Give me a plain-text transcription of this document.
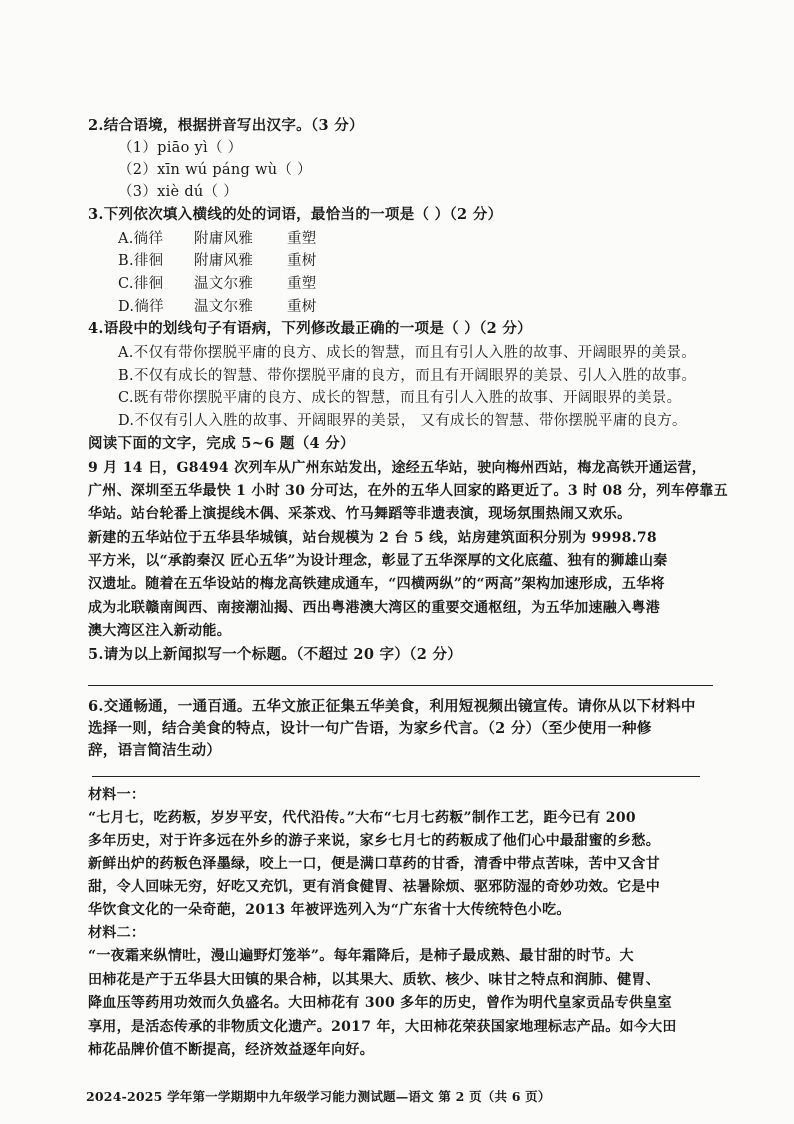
2.结合语境，根据拼音写出汉字。（3 分）
（1）piāo yì（ ）
（2）xīn wú páng wù（ ）
（3）xiè dú（ ）
3.下列依次填入横线的处的词语，最恰当的一项是（ ）（2 分）
A.徜徉 附庸风雅 重塑
B.徘徊 附庸风雅 重树
C.徘徊 温文尔雅 重塑
D.徜徉 温文尔雅 重树
4.语段中的划线句子有语病，下列修改最正确的一项是（ ）（2 分）
A.不仅有带你摆脱平庸的良方、成长的智慧，而且有引人入胜的故事、开阔眼界的美景。
B.不仅有成长的智慧、带你摆脱平庸的良方，而且有开阔眼界的美景、引人入胜的故事。
C.既有带你摆脱平庸的良方、成长的智慧，而且有引人入胜的故事、开阔眼界的美景。
D.不仅有引人入胜的故事、开阔眼界的美景， 又有成长的智慧、带你摆脱平庸的良方。
阅读下面的文字，完成 5~6 题（4 分）
9 月 14 日，G8494 次列车从广州东站发出，途经五华站，驶向梅州西站，梅龙高铁开通运营，
广州、深圳至五华最快 1 小时 30 分可达，在外的五华人回家的路更近了。3 时 08 分，列车停靠五
华站。站台轮番上演提线木偶、采茶戏、竹马舞蹈等非遗表演，现场氛围热闹又欢乐。
新建的五华站位于五华县华城镇，站台规模为 2 台 5 线，站房建筑面积分别为 9998.78
平方米，以“承韵秦汉 匠心五华”为设计理念，彰显了五华深厚的文化底蕴、独有的狮雄山秦
汉遗址。随着在五华设站的梅龙高铁建成通车，“四横两纵”的“两高”架构加速形成，五华将
成为北联赣南闽西、南接潮汕揭、西出粤港澳大湾区的重要交通枢纽，为五华加速融入粤港
澳大湾区注入新动能。
5.请为以上新闻拟写一个标题。（不超过 20 字）（2 分）
6.交通畅通，一通百通。五华文旅正征集五华美食，利用短视频出镜宣传。请你从以下材料中
选择一则，结合美食的特点，设计一句广告语，为家乡代言。（2 分）（至少使用一种修
辞，语言简洁生动）
材料一：
“七月七，吃药粄，岁岁平安，代代沿传。”大布“七月七药粄”制作工艺，距今已有 200
多年历史，对于许多远在外乡的游子来说，家乡七月七的药粄成了他们心中最甜蜜的乡愁。
新鲜出炉的药粄色泽墨绿，咬上一口，便是满口草药的甘香，清香中带点苦味，苦中又含甘
甜，令人回味无穷，好吃又充饥，更有消食健胃、祛暑除烦、驱邪防湿的奇妙功效。它是中
华饮食文化的一朵奇葩，2013 年被评选列入为“广东省十大传统特色小吃。
材料二：
“一夜霜来纵情吐，漫山遍野灯笼举”。每年霜降后，是柿子最成熟、最甘甜的时节。大
田柿花是产于五华县大田镇的果合柿，以其果大、质软、核少、味甘之特点和润肺、健胃、
降血压等药用功效而久负盛名。大田柿花有 300 多年的历史，曾作为明代皇家贡品专供皇室
享用，是活态传承的非物质文化遗产。2017 年，大田柿花荣获国家地理标志产品。如今大田
柿花品牌价值不断提高，经济效益逐年向好。
2024-2025 学年第一学期期中九年级学习能力测试题—语文 第 2 页（共 6 页）
